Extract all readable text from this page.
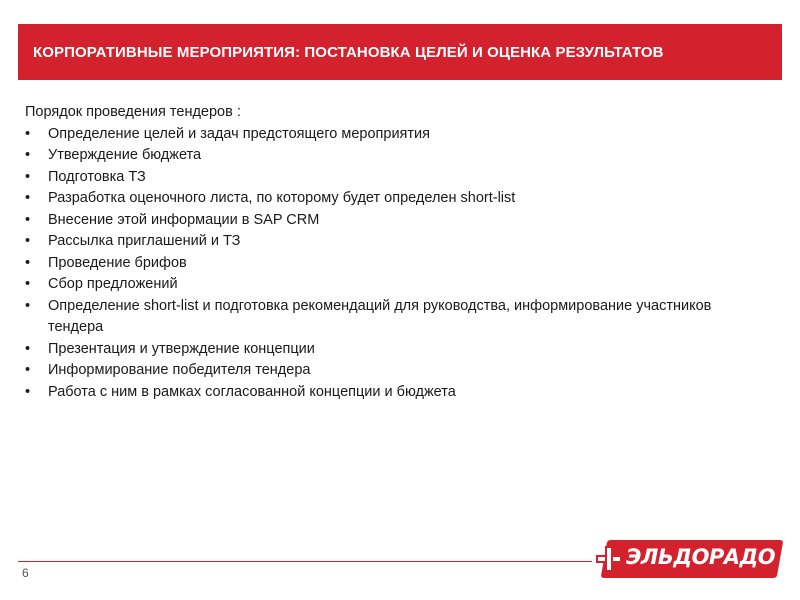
КОРПОРАТИВНЫЕ МЕРОПРИЯТИЯ: ПОСТАНОВКА ЦЕЛЕЙ И ОЦЕНКА РЕЗУЛЬТАТОВ

Порядок проведения тендеров :

• Определение целей и задач предстоящего мероприятия
• Утверждение бюджета
• Подготовка ТЗ
• Разработка оценочного листа, по которому будет определен short-list
• Внесение этой информации в SAP CRM
• Рассылка приглашений и ТЗ
• Проведение брифов
• Сбор предложений
• Определение short-list и подготовка рекомендаций для руководства, информирование участников тендера
• Презентация и утверждение концепции
• Информирование победителя тендера
• Работа с ним в рамках согласованной концепции и бюджета
6
ЭЛЬДОРАДО
